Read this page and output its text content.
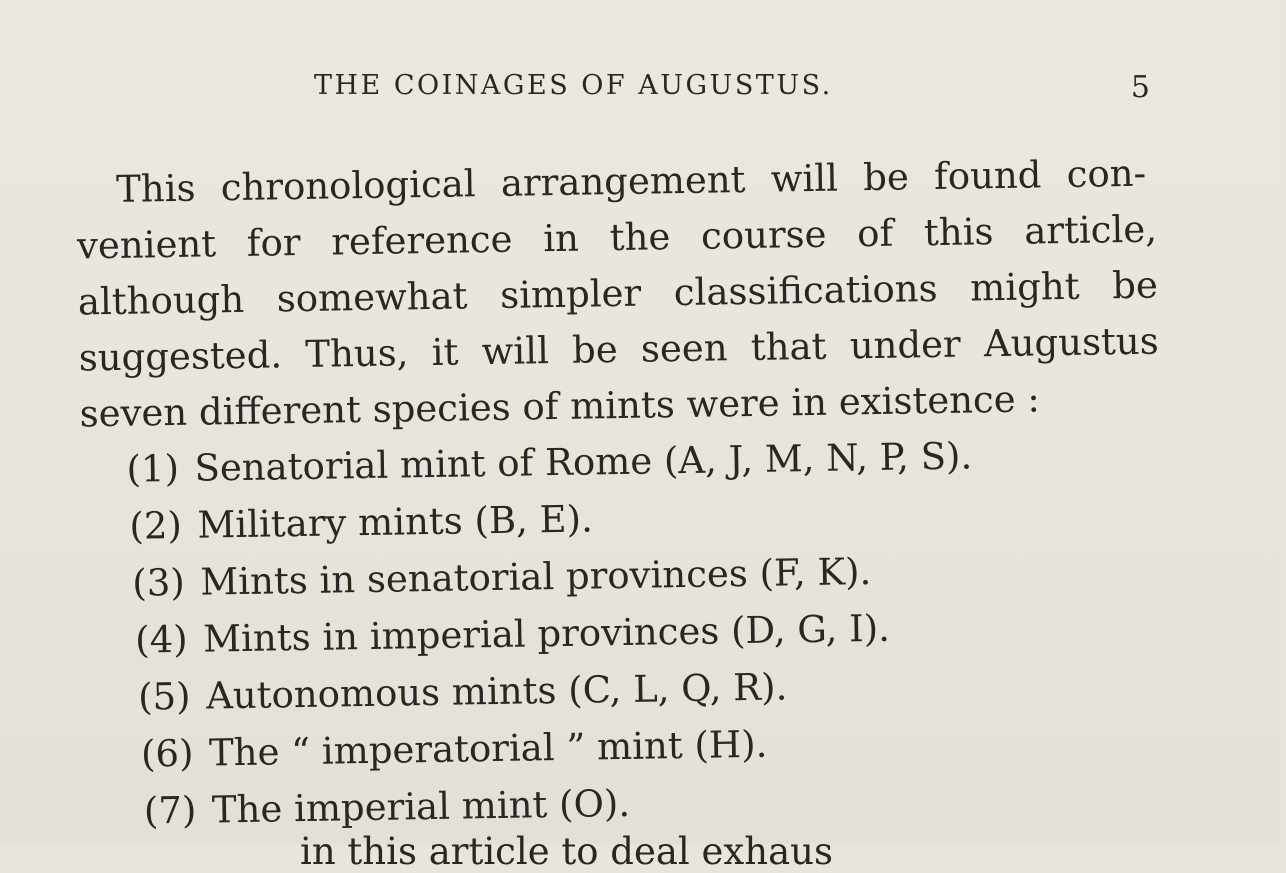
THE COINAGES OF AUGUSTUS.	5
This chronological arrangement will be found con-
venient for reference in the course of this article,
although somewhat simpler classifications might be
suggested. Thus, it will be seen that under Augustus
seven different species of mints were in existence :
(1) Senatorial mint of Rome (A, J, M, N, P, S).
(2) Military mints (B, E).
(3) Mints in senatorial provinces (F, K).
(4) Mints in imperial provinces (D, G, I).
(5) Autonomous mints (C, L, Q, R).
(6) The “ imperatorial ” mint (H).
(7) The imperial mint (O).
in this article to deal exhaus
